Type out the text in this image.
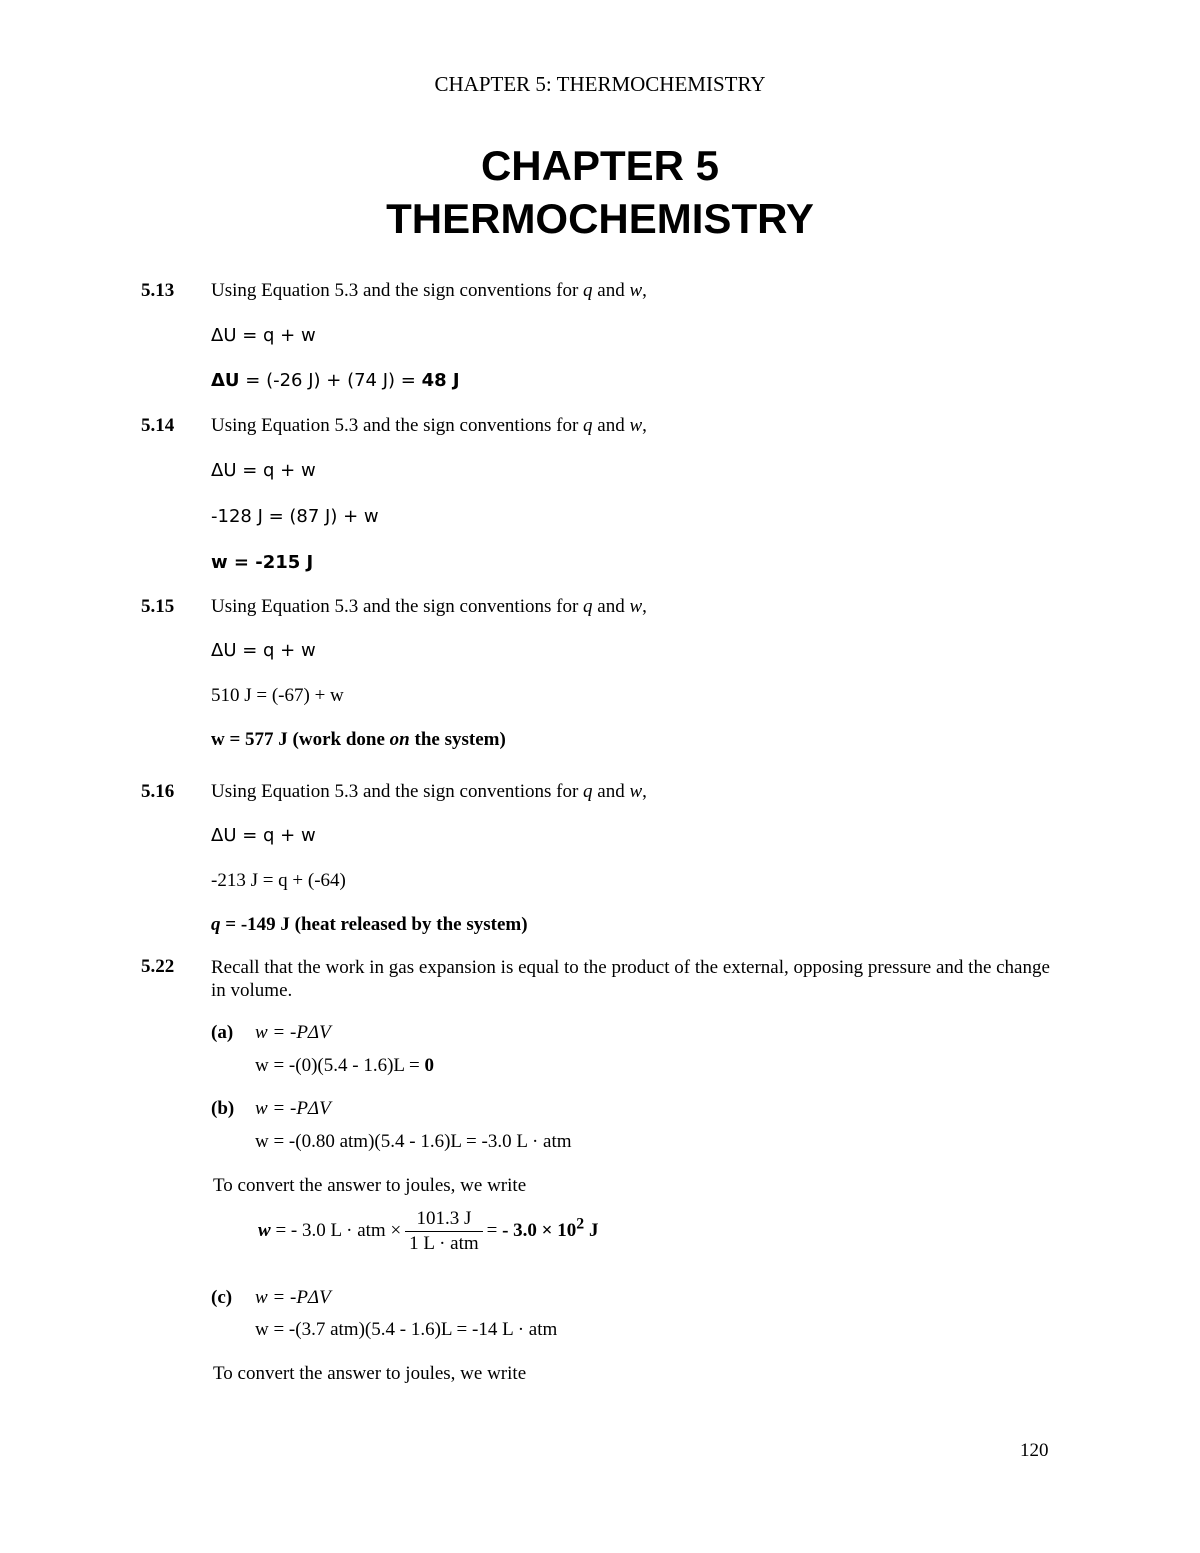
CHAPTER 5: THERMOCHEMISTRY
CHAPTER 5
THERMOCHEMISTRY
5.13 Using Equation 5.3 and the sign conventions for q and w,
ΔU = q + w
ΔU = (-26 J) + (74 J) = 48 J
5.14 Using Equation 5.3 and the sign conventions for q and w,
ΔU = q + w
-128 J = (87 J) + w
w = -215 J
5.15 Using Equation 5.3 and the sign conventions for q and w,
ΔU = q + w
510 J = (-67) + w
w = 577 J (work done on the system)
5.16 Using Equation 5.3 and the sign conventions for q and w,
ΔU = q + w
-213 J = q + (-64)
q = -149 J (heat released by the system)
5.22 Recall that the work in gas expansion is equal to the product of the external, opposing pressure and the change in volume.
(a) w = -PΔV
w = -(0)(5.4 - 1.6)L = 0
(b) w = -PΔV
w = -(0.80 atm)(5.4 - 1.6)L = -3.0 L · atm
To convert the answer to joules, we write
w = - 3.0 L · atm × $\frac{101.3 J}{\text{1 L · atm}}$ = - $3.0 \times 10^2$ J
(c) w = -PΔV
w = -(3.7 atm)(5.4 - 1.6)L = -14 L · atm
To convert the answer to joules, we write
120
